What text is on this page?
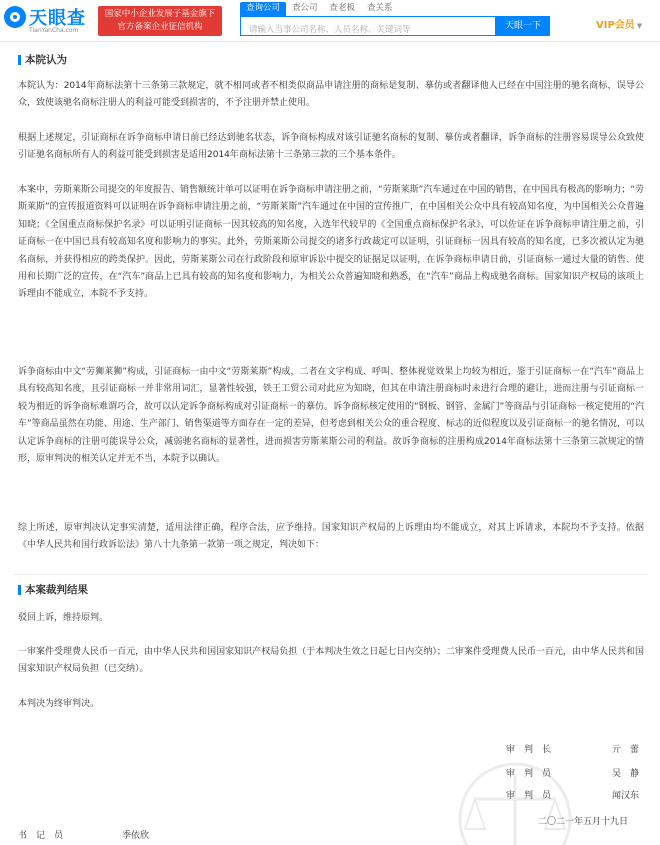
天眼查
TianYanCha.com
国家中小企业发展子基金旗下
官方备案企业征信机构
查询公司	查公司	查老板	查关系
请输入当事公司名称、人员名称、关键词等
天眼一下	VIP会员 ▼
本院认为
本院认为：2014年商标法第十三条第三款规定，就不相同或者不相类似商品申请注册的商标是复制、摹仿或者翻译他人已经在中国注册的驰名商标，误导公众，致使该驰名商标注册人的利益可能受到损害的，不予注册并禁止使用。
根据上述规定，引证商标在诉争商标申请日前已经达到驰名状态，诉争商标构成对该引证驰名商标的复制、摹仿或者翻译，诉争商标的注册容易误导公众致使引证驰名商标所有人的利益可能受到损害是适用2014年商标法第十三条第三款的三个基本条件。
本案中，劳斯莱斯公司提交的年度报告、销售额统计单可以证明在诉争商标申请注册之前，“劳斯莱斯”汽车通过在中国的销售，在中国具有极高的影响力；“劳斯莱斯”的宣传报道资料可以证明在诉争商标申请注册之前，“劳斯莱斯”汽车通过在中国的宣传推广，在中国相关公众中具有较高知名度，为中国相关公众普遍知晓；《全国重点商标保护名录》可以证明引证商标一因其较高的知名度，入选年代较早的《全国重点商标保护名录》，可以佐证在诉争商标申请注册之前，引证商标一在中国已具有较高知名度和影响力的事实。此外，劳斯莱斯公司提交的诸多行政裁定可以证明，引证商标一因具有较高的知名度，已多次被认定为驰名商标，并获得相应的跨类保护。因此，劳斯莱斯公司在行政阶段和原审诉讼中提交的证据足以证明，在诉争商标申请日前，引证商标一通过大量的销售、使用和长期广泛的宣传，在“汽车”商品上已具有较高的知名度和影响力，为相关公众普遍知晓和熟悉，在“汽车”商品上构成驰名商标。国家知识产权局的该项上诉理由不能成立，本院不予支持。
诉争商标由中文“劳狮莱狮”构成，引证商标一由中文“劳斯莱斯”构成，二者在文字构成、呼叫、整体视觉效果上均较为相近，鉴于引证商标一在“汽车”商品上具有较高知名度，且引证商标一并非常用词汇，显著性较强，铁王工贸公司对此应为知晓，但其在申请注册商标时未进行合理的避让，进而注册与引证商标一较为相近的诉争商标难谓巧合，故可以认定诉争商标构成对引证商标一的摹仿。诉争商标核定使用的“钢板、钢管、金属门”等商品与引证商标一核定使用的“汽车”等商品虽然在功能、用途、生产部门、销售渠道等方面存在一定的差异，但考虑到相关公众的重合程度、标志的近似程度以及引证商标一的驰名情况，可以认定诉争商标的注册可能误导公众，减弱驰名商标的显著性，进而损害劳斯莱斯公司的利益。故诉争商标的注册构成2014年商标法第十三条第三款规定的情形，原审判决的相关认定并无不当，本院予以确认。
综上所述，原审判决认定事实清楚，适用法律正确，程序合法，应予维持。国家知识产权局的上诉理由均不能成立，对其上诉请求，本院均不予支持。依据《中华人民共和国行政诉讼法》第八十九条第一款第一项之规定，判决如下：
本案裁判结果
驳回上诉，维持原判。
一审案件受理费人民币一百元，由中华人民共和国国家知识产权局负担（于本判决生效之日起七日内交纳）；二审案件受理费人民币一百元，由中华人民共和国国家知识产权局负担（已交纳）。
本判决为终审判决。
审　判　长	亓　蕾
审　判　员	吴　静
审　判　员	闻汉东
二〇二一年五月十九日
书　记　员	季依欣
